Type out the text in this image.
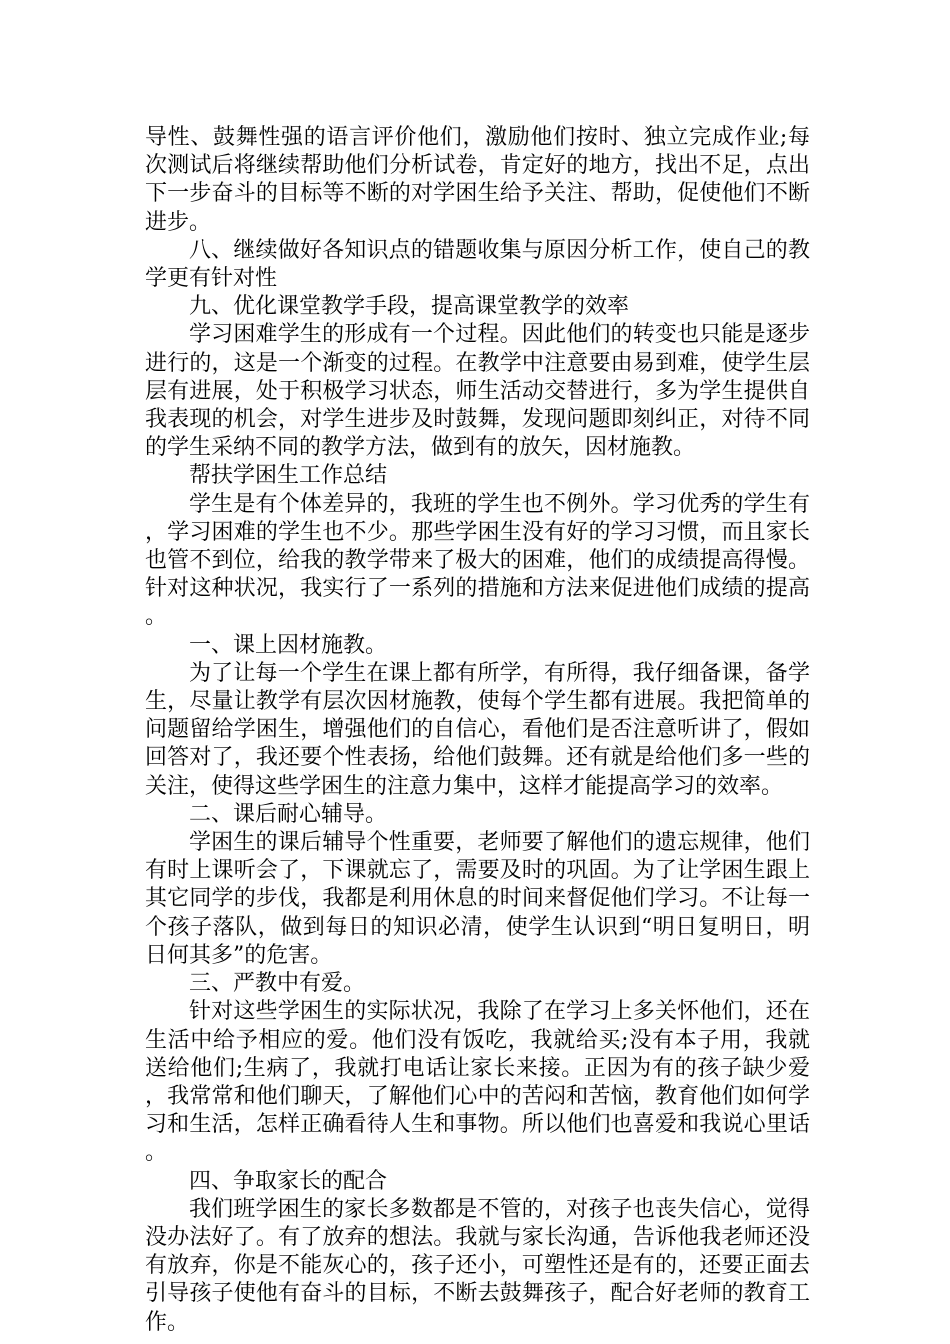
导性、鼓舞性强的语言评价他们，激励他们按时、独立完成作业;每次测试后将继续帮助他们分析试卷，肯定好的地方，找出不足，点出下一步奋斗的目标等不断的对学困生给予关注、帮助，促使他们不断进步。

八、继续做好各知识点的错题收集与原因分析工作，使自己的教学更有针对性

九、优化课堂教学手段，提高课堂教学的效率

学习困难学生的形成有一个过程。因此他们的转变也只能是逐步进行的，这是一个渐变的过程。在教学中注意要由易到难，使学生层层有进展，处于积极学习状态，师生活动交替进行，多为学生提供自我表现的机会，对学生进步及时鼓舞，发现问题即刻纠正，对待不同的学生采纳不同的教学方法，做到有的放矢，因材施教。

帮扶学困生工作总结

学生是有个体差异的，我班的学生也不例外。学习优秀的学生有，学习困难的学生也不少。那些学困生没有好的学习习惯，而且家长也管不到位，给我的教学带来了极大的困难，他们的成绩提高得慢。针对这种状况，我实行了一系列的措施和方法来促进他们成绩的提高。

一、课上因材施教。

为了让每一个学生在课上都有所学，有所得，我仔细备课，备学生，尽量让教学有层次因材施教，使每个学生都有进展。我把简单的问题留给学困生，增强他们的自信心，看他们是否注意听讲了，假如回答对了，我还要个性表扬，给他们鼓舞。还有就是给他们多一些的关注，使得这些学困生的注意力集中，这样才能提高学习的效率。

二、课后耐心辅导。

学困生的课后辅导个性重要，老师要了解他们的遗忘规律，他们有时上课听会了，下课就忘了，需要及时的巩固。为了让学困生跟上其它同学的步伐，我都是利用休息的时间来督促他们学习。不让每一个孩子落队，做到每日的知识必清，使学生认识到“明日复明日，明日何其多”的危害。

三、严教中有爱。

针对这些学困生的实际状况，我除了在学习上多关怀他们，还在生活中给予相应的爱。他们没有饭吃，我就给买;没有本子用，我就送给他们;生病了，我就打电话让家长来接。正因为有的孩子缺少爱，我常常和他们聊天，了解他们心中的苦闷和苦恼，教育他们如何学习和生活，怎样正确看待人生和事物。所以他们也喜爱和我说心里话。

四、争取家长的配合

我们班学困生的家长多数都是不管的，对孩子也丧失信心，觉得没办法好了。有了放弃的想法。我就与家长沟通，告诉他我老师还没有放弃，你是不能灰心的，孩子还小，可塑性还是有的，还要正面去引导孩子使他有奋斗的目标，不断去鼓舞孩子，配合好老师的教育工作。
